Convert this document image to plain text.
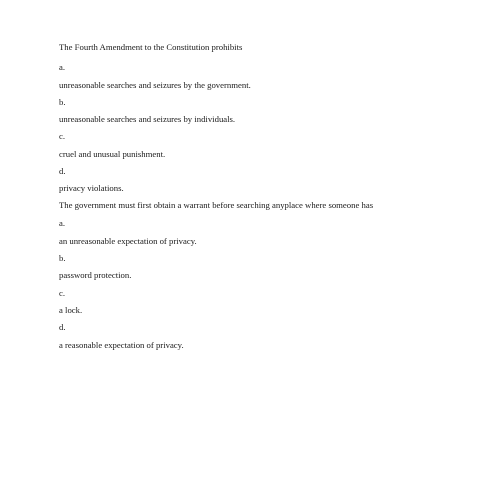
The Fourth Amendment to the Constitution prohibits

a.

unreasonable searches and seizures by the government.

b.

unreasonable searches and seizures by individuals.

c.

cruel and unusual punishment.

d.

privacy violations.

The government must first obtain a warrant before searching anyplace where someone has

a.

an unreasonable expectation of privacy.

b.

password protection.

c.

a lock.

d.

a reasonable expectation of privacy.
